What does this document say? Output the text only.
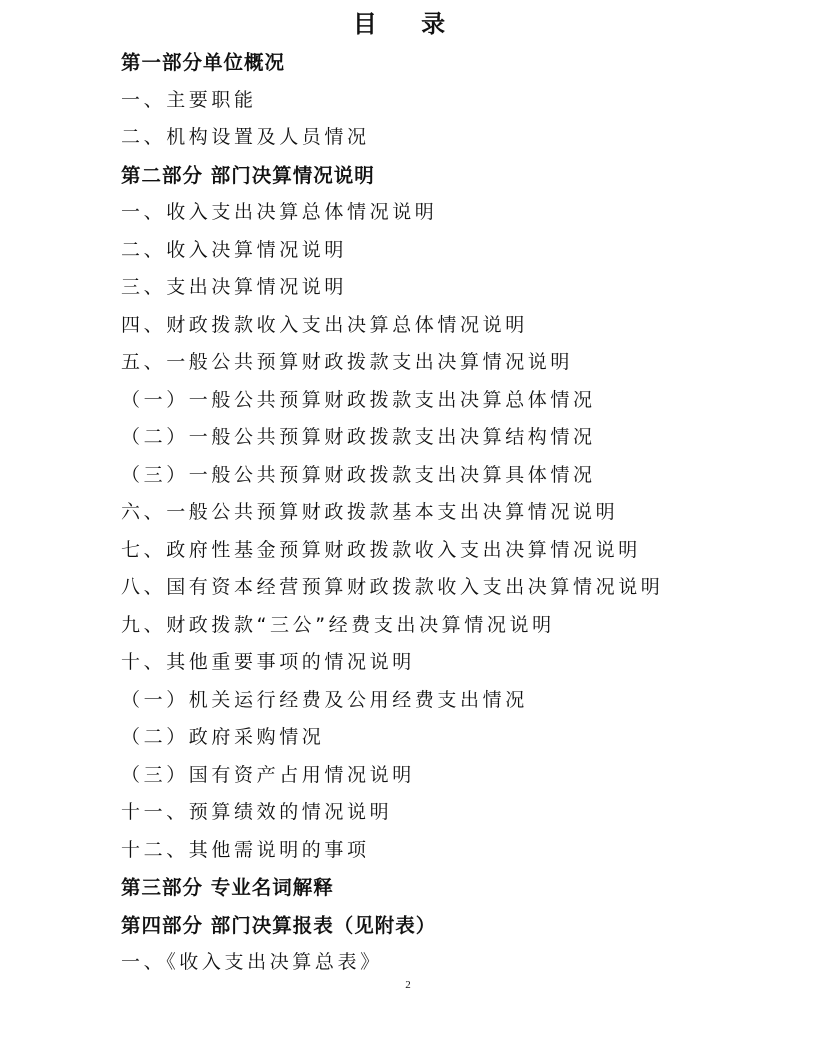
目 录
第一部分单位概况
一、主要职能
二、机构设置及人员情况
第二部分 部门决算情况说明
一、收入支出决算总体情况说明
二、收入决算情况说明
三、支出决算情况说明
四、财政拨款收入支出决算总体情况说明
五、一般公共预算财政拨款支出决算情况说明
（一）一般公共预算财政拨款支出决算总体情况
（二）一般公共预算财政拨款支出决算结构情况
（三）一般公共预算财政拨款支出决算具体情况
六、一般公共预算财政拨款基本支出决算情况说明
七、政府性基金预算财政拨款收入支出决算情况说明
八、国有资本经营预算财政拨款收入支出决算情况说明
九、财政拨款“三公”经费支出决算情况说明
十、其他重要事项的情况说明
（一）机关运行经费及公用经费支出情况
（二）政府采购情况
（三）国有资产占用情况说明
十一、预算绩效的情况说明
十二、其他需说明的事项
第三部分 专业名词解释
第四部分 部门决算报表（见附表）
一、《收入支出决算总表》
2
